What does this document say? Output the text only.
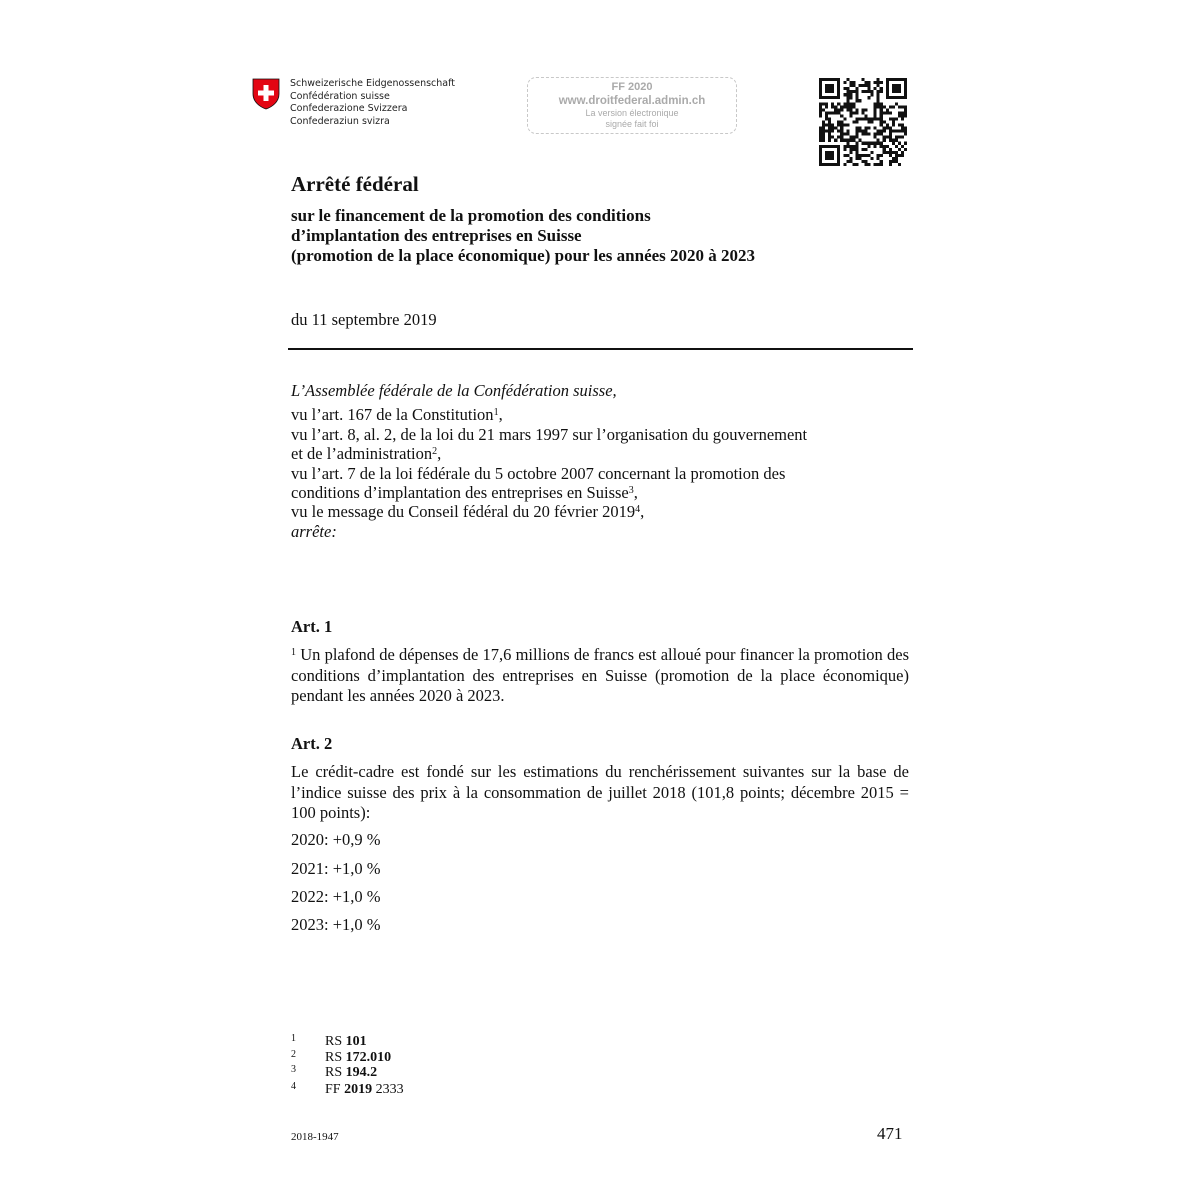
Schweizerische Eidgenossenschaft
Confédération suisse
Confederazione Svizzera
Confederaziun svizra
FF 2020
www.droitfederal.admin.ch
La version électronique
signée fait foi
Arrêté fédéral
sur le financement de la promotion des conditions
d’implantation des entreprises en Suisse
(promotion de la place économique) pour les années 2020 à 2023
du 11 septembre 2019
L’Assemblée fédérale de la Confédération suisse,
vu l’art. 167 de la Constitution$^1$,
vu l’art. 8, al. 2, de la loi du 21 mars 1997 sur l’organisation du gouvernement
et de l’administration$^2$,
vu l’art. 7 de la loi fédérale du 5 octobre 2007 concernant la promotion des
conditions d’implantation des entreprises en Suisse$^3$,
vu le message du Conseil fédéral du 20 février 2019$^4$,
arrête:
Art. 1
$^1$ Un plafond de dépenses de 17,6 millions de francs est alloué pour financer la promotion des conditions d’implantation des entreprises en Suisse (promotion de la place économique) pendant les années 2020 à 2023.
Art. 2
Le crédit-cadre est fondé sur les estimations du renchérissement suivantes sur la base de l’indice suisse des prix à la consommation de juillet 2018 (101,8 points; décembre 2015 = 100 points):
2020: +0,9 %
2021: +1,0 %
2022: +1,0 %
2023: +1,0 %
1 RS 101
2 RS 172.010
3 RS 194.2
4 FF 2019 2333
2018-1947	471
